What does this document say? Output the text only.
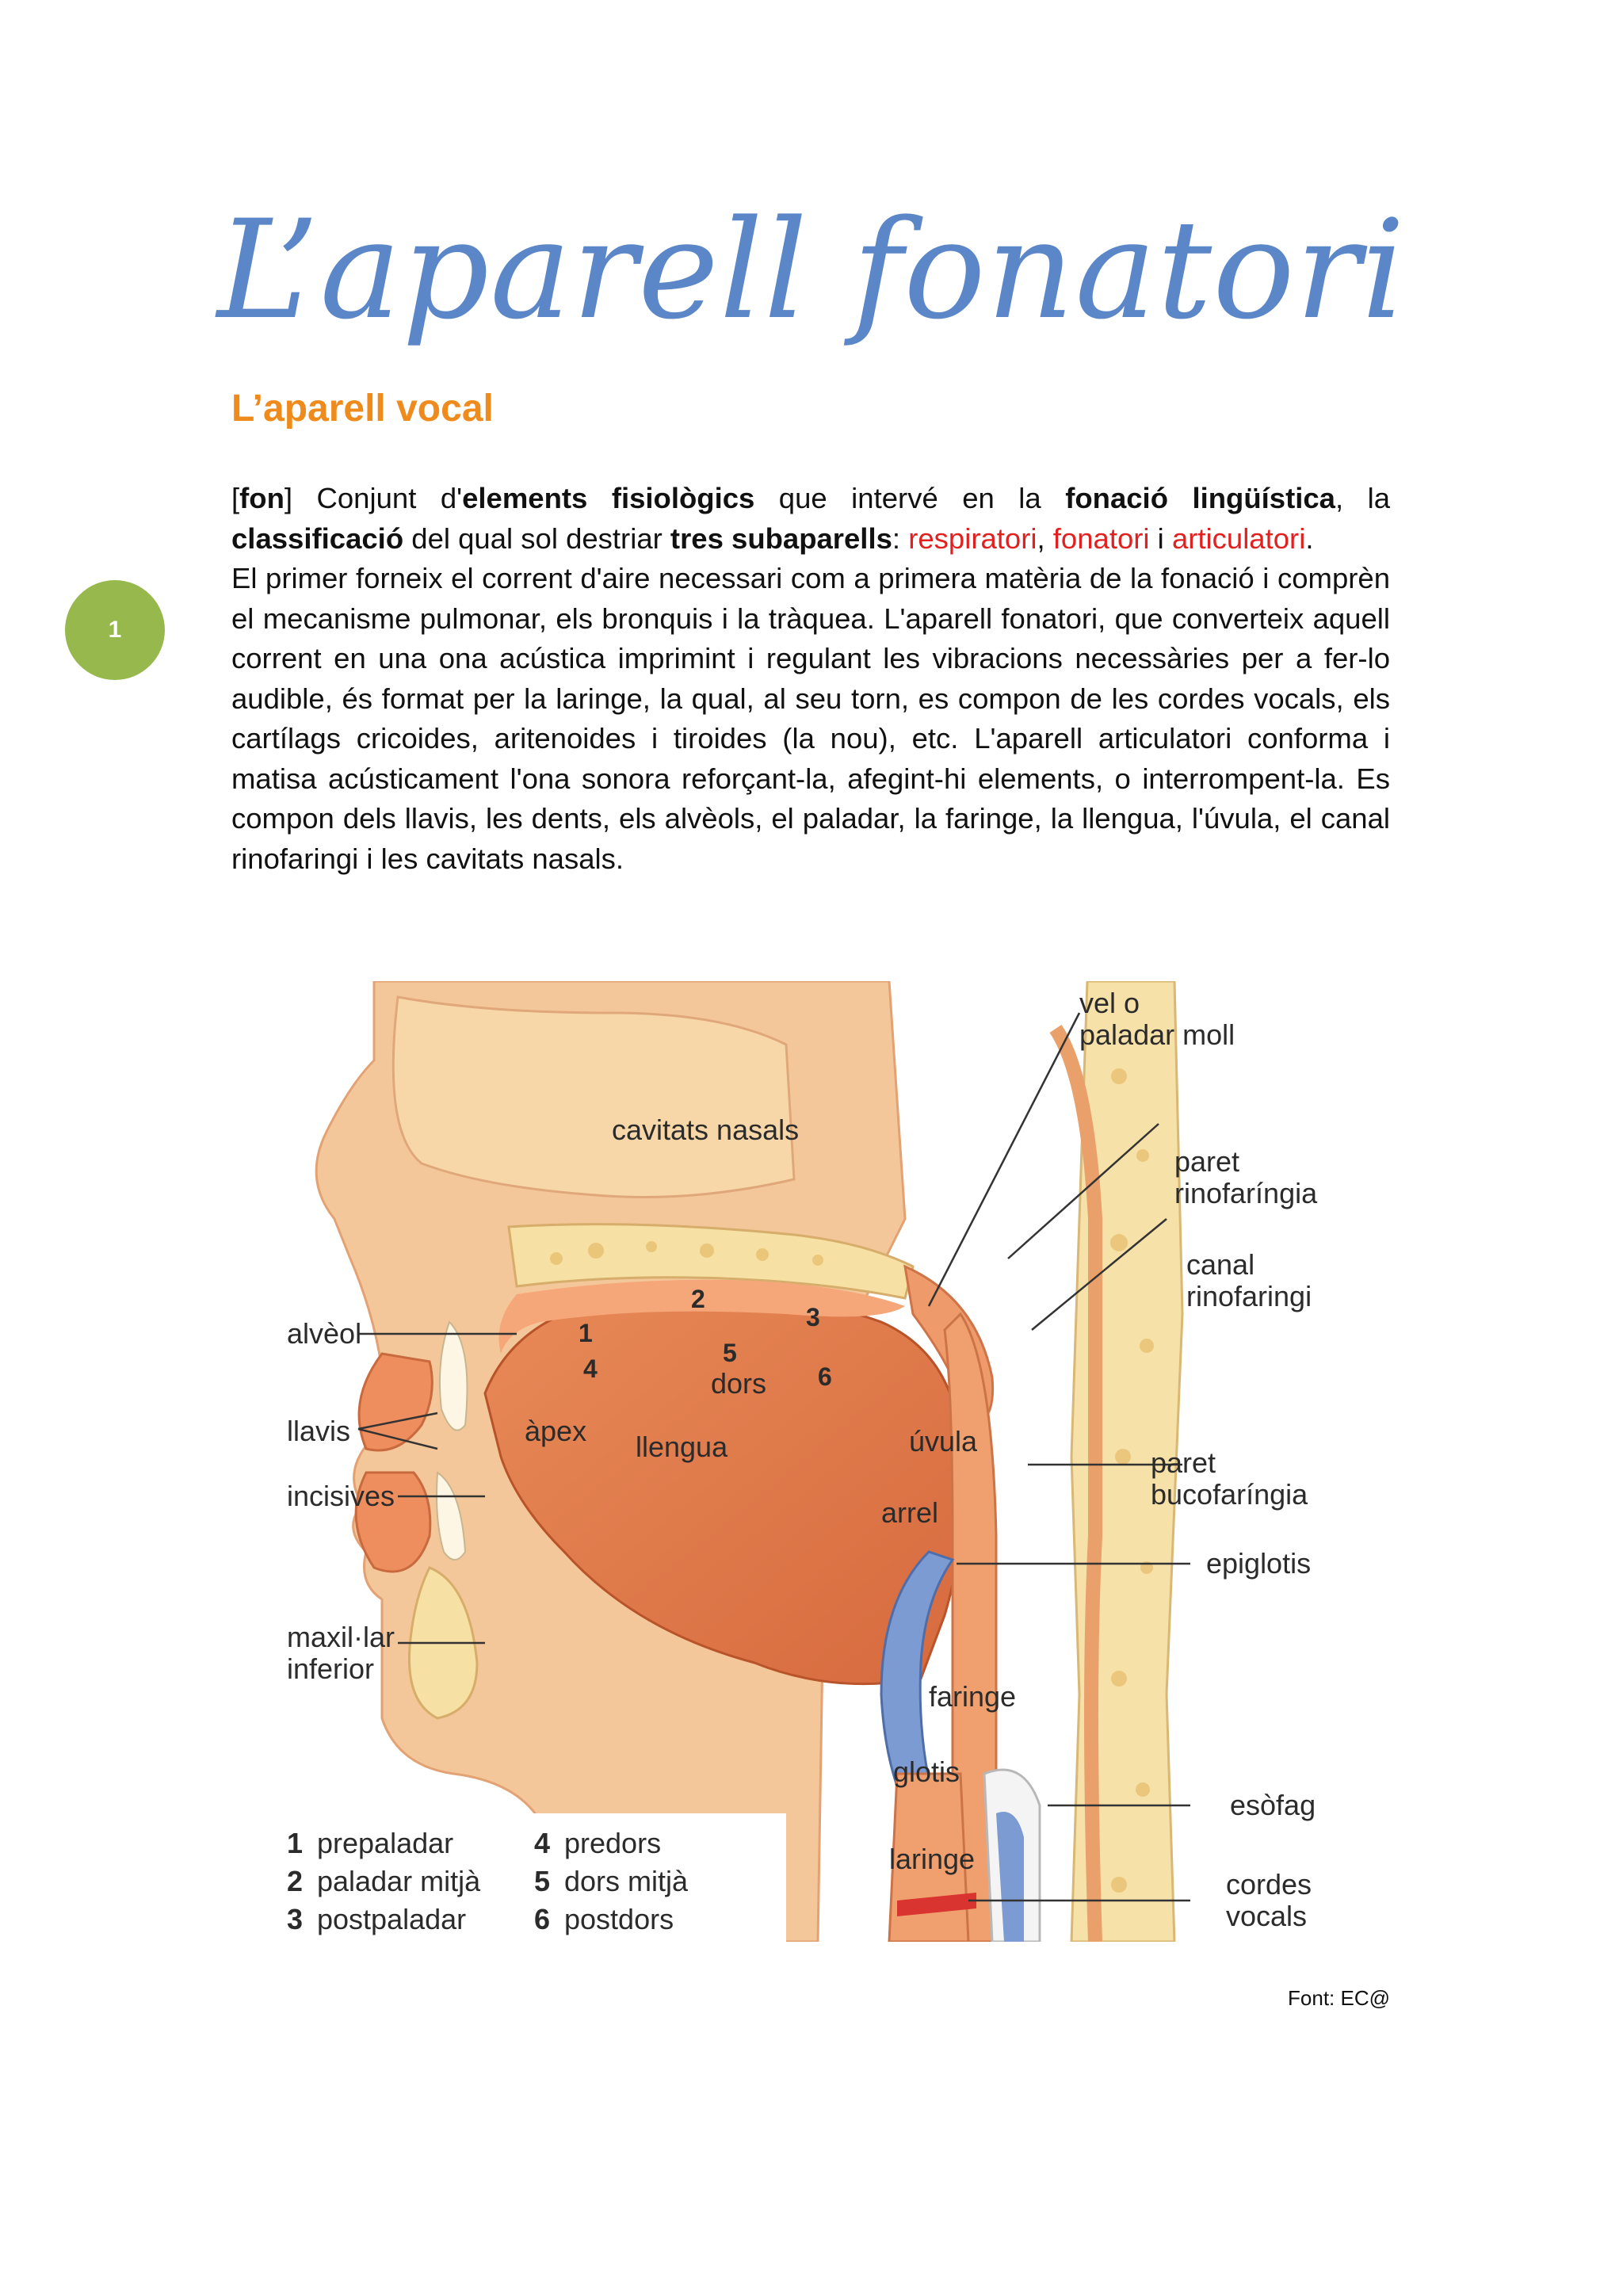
L’aparell fonatori
L’aparell vocal
1

[fon] Conjunt d'elements fisiològics que intervé en la fonació lingüística, la classificació del qual sol destriar tres subaparells: respiratori, fonatori i articulatori.
El primer forneix el corrent d'aire necessari com a primera matèria de la fonació i comprèn el mecanisme pulmonar, els bronquis i la tràquea. L'aparell fonatori, que converteix aquell corrent en una ona acústica imprimint i regulant les vibracions necessàries per a fer-lo audible, és format per la laringe, la qual, al seu torn, es compon de les cordes vocals, els cartílags cricoides, aritenoides i tiroides (la nou), etc. L'aparell articulatori conforma i matisa acústicament l'ona sonora reforçant-la, afegint-hi elements, o interrompent-la. Es compon dels llavis, les dents, els alvèols, el paladar, la faringe, la llengua, l'úvula, el canal rinofaringi i les cavitats nasals.

cavitats nasals
vel o
paladar moll
paret
rinofaríngia
canal
rinofaringi
alvèol
llavis
incisives
maxil·lar
inferior
àpex
dors
llengua	úvula
arrel
paret
bucofaríngia
epiglotis
faringe
glotis
esòfag
laringe
cordes
vocals
1
2
3
4
5
6
1 prepaladar
2 paladar mitjà
3 postpaladar
4 predors
5 dors mitjà
6 postdors
Font: EC@
